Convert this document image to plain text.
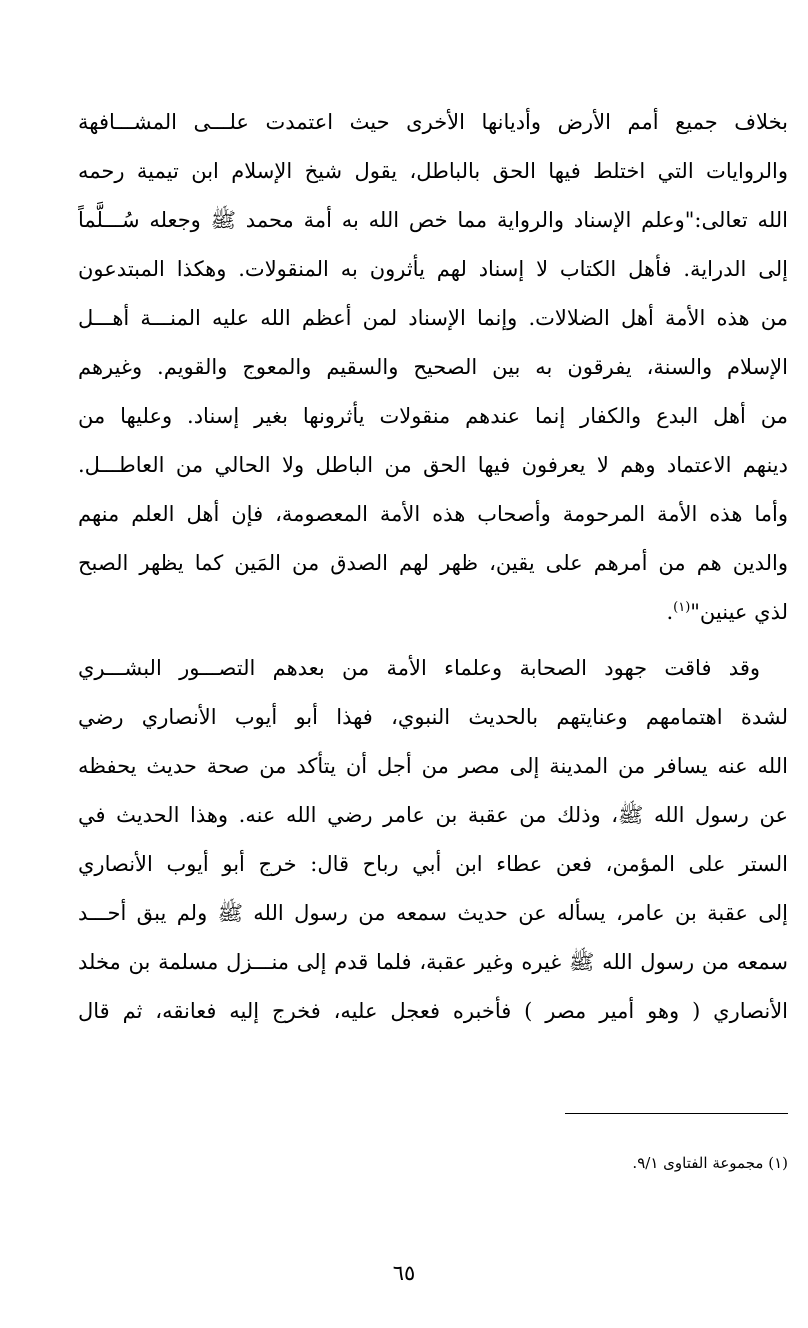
بخلاف جميع أمم الأرض وأديانها الأخرى حيث اعتمدت علـــى المشـــافهة
والروايات التي اختلط فيها الحق بالباطل، يقول شيخ الإسلام ابن تيمية رحمه
الله تعالى:"وعلم الإسناد والرواية مما خص الله به أمة محمد ﷺ وجعله سُـــلَّماً
إلى الدراية. فأهل الكتاب لا إسناد لهم يأثرون به المنقولات. وهكذا المبتدعون
من هذه الأمة أهل الضلالات. وإنما الإسناد لمن أعظم الله عليه المنـــة أهـــل
الإسلام والسنة، يفرقون به بين الصحيح والسقيم والمعوج والقويم. وغيرهم
من أهل البدع والكفار إنما عندهم منقولات يأثرونها بغير إسناد. وعليها من
دينهم الاعتماد وهم لا يعرفون فيها الحق من الباطل ولا الحالي من العاطـــل.
وأما هذه الأمة المرحومة وأصحاب هذه الأمة المعصومة، فإن أهل العلم منهم
والدين هم من أمرهم على يقين، ظهر لهم الصدق من المَين كما يظهر الصبح
لذي عينين"$^{(١)}$.
وقد فاقت جهود الصحابة وعلماء الأمة من بعدهم التصـــور البشـــري
لشدة اهتمامهم وعنايتهم بالحديث النبوي، فهذا أبو أيوب الأنصاري رضي
الله عنه يسافر من المدينة إلى مصر من أجل أن يتأكد من صحة حديث يحفظه
عن رسول الله ﷺ، وذلك من عقبة بن عامر رضي الله عنه. وهذا الحديث في
الستر على المؤمن، فعن عطاء ابن أبي رباح قال: خرج أبو أيوب الأنصاري
إلى عقبة بن عامر، يسأله عن حديث سمعه من رسول الله ﷺ ولم يبق أحـــد
سمعه من رسول الله ﷺ غيره وغير عقبة، فلما قدم إلى منـــزل مسلمة بن مخلد
الأنصاري ( وهو أمير مصر ) فأخبره فعجل عليه، فخرج إليه فعانقه، ثم قال
(١) مجموعة الفتاوى ٩/١.
٦٥
